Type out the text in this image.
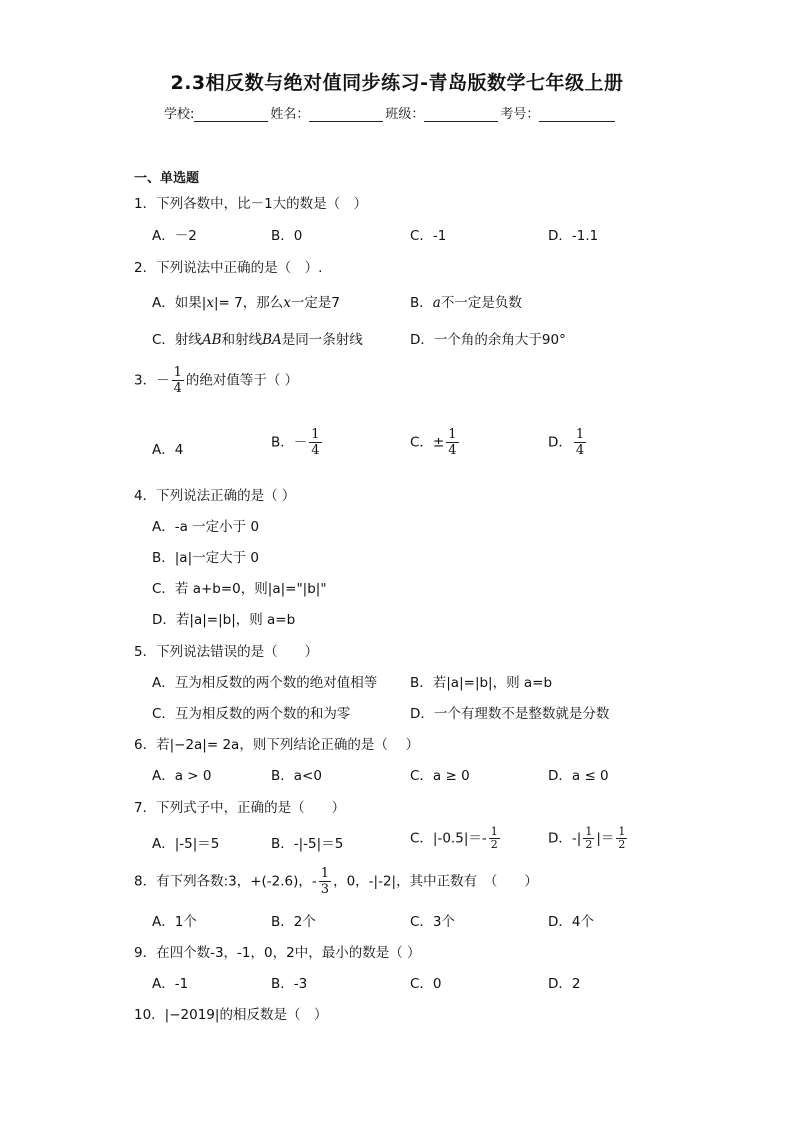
2.3相反数与绝对值同步练习-青岛版数学七年级上册
学校:	姓名：	班级：	考号：
一、单选题
1．下列各数中，比－1大的数是（　）
A．－2	B．0	C．-1	D．-1.1
2．下列说法中正确的是（　）.
A．如果|x|= 7，那么x一定是7	B．a不一定是负数
C．射线AB和射线BA是同一条射线	D．一个角的余角大于90°
3．－ $\frac{1}{4}$ 的绝对值等于（ ）
A．4	B．－ $\frac{1}{4}$	C．± $\frac{1}{4}$	D． $\frac{1}{4}$
4．下列说法正确的是（ ）
A．-a 一定小于 0
B．|a|一定大于 0
C．若 a+b=0，则|a|="|b|"
D．若|a|=|b|，则 a=b
5．下列说法错误的是（　　）
A．互为相反数的两个数的绝对值相等 B．若|a|=|b|，则 a=b
C．互为相反数的两个数的和为零	D．一个有理数不是整数就是分数
6．若|−2a|= 2a，则下列结论正确的是（　 ）
A．a > 0	B．a<0	C．a ≥ 0	D．a ≤ 0
7．下列式子中，正确的是（　　）
A．|-5|＝5	B．-|-5|＝5	C．$|-0.5|=- \frac{1}{2}$	D．-| $\frac{1}{2}$ |＝ $\frac{1}{2}$
8．有下列各数:3，+(-2.6)，- $\frac{1}{3}$ ，0，-|-2|，其中正数有　（　　）
A．1个	B．2个	C．3个	D．4个
9．在四个数-3，-1，0，2中，最小的数是（ ）
A．-1	B．-3	C．0	D．2
10．|−2019|的相反数是（　）
